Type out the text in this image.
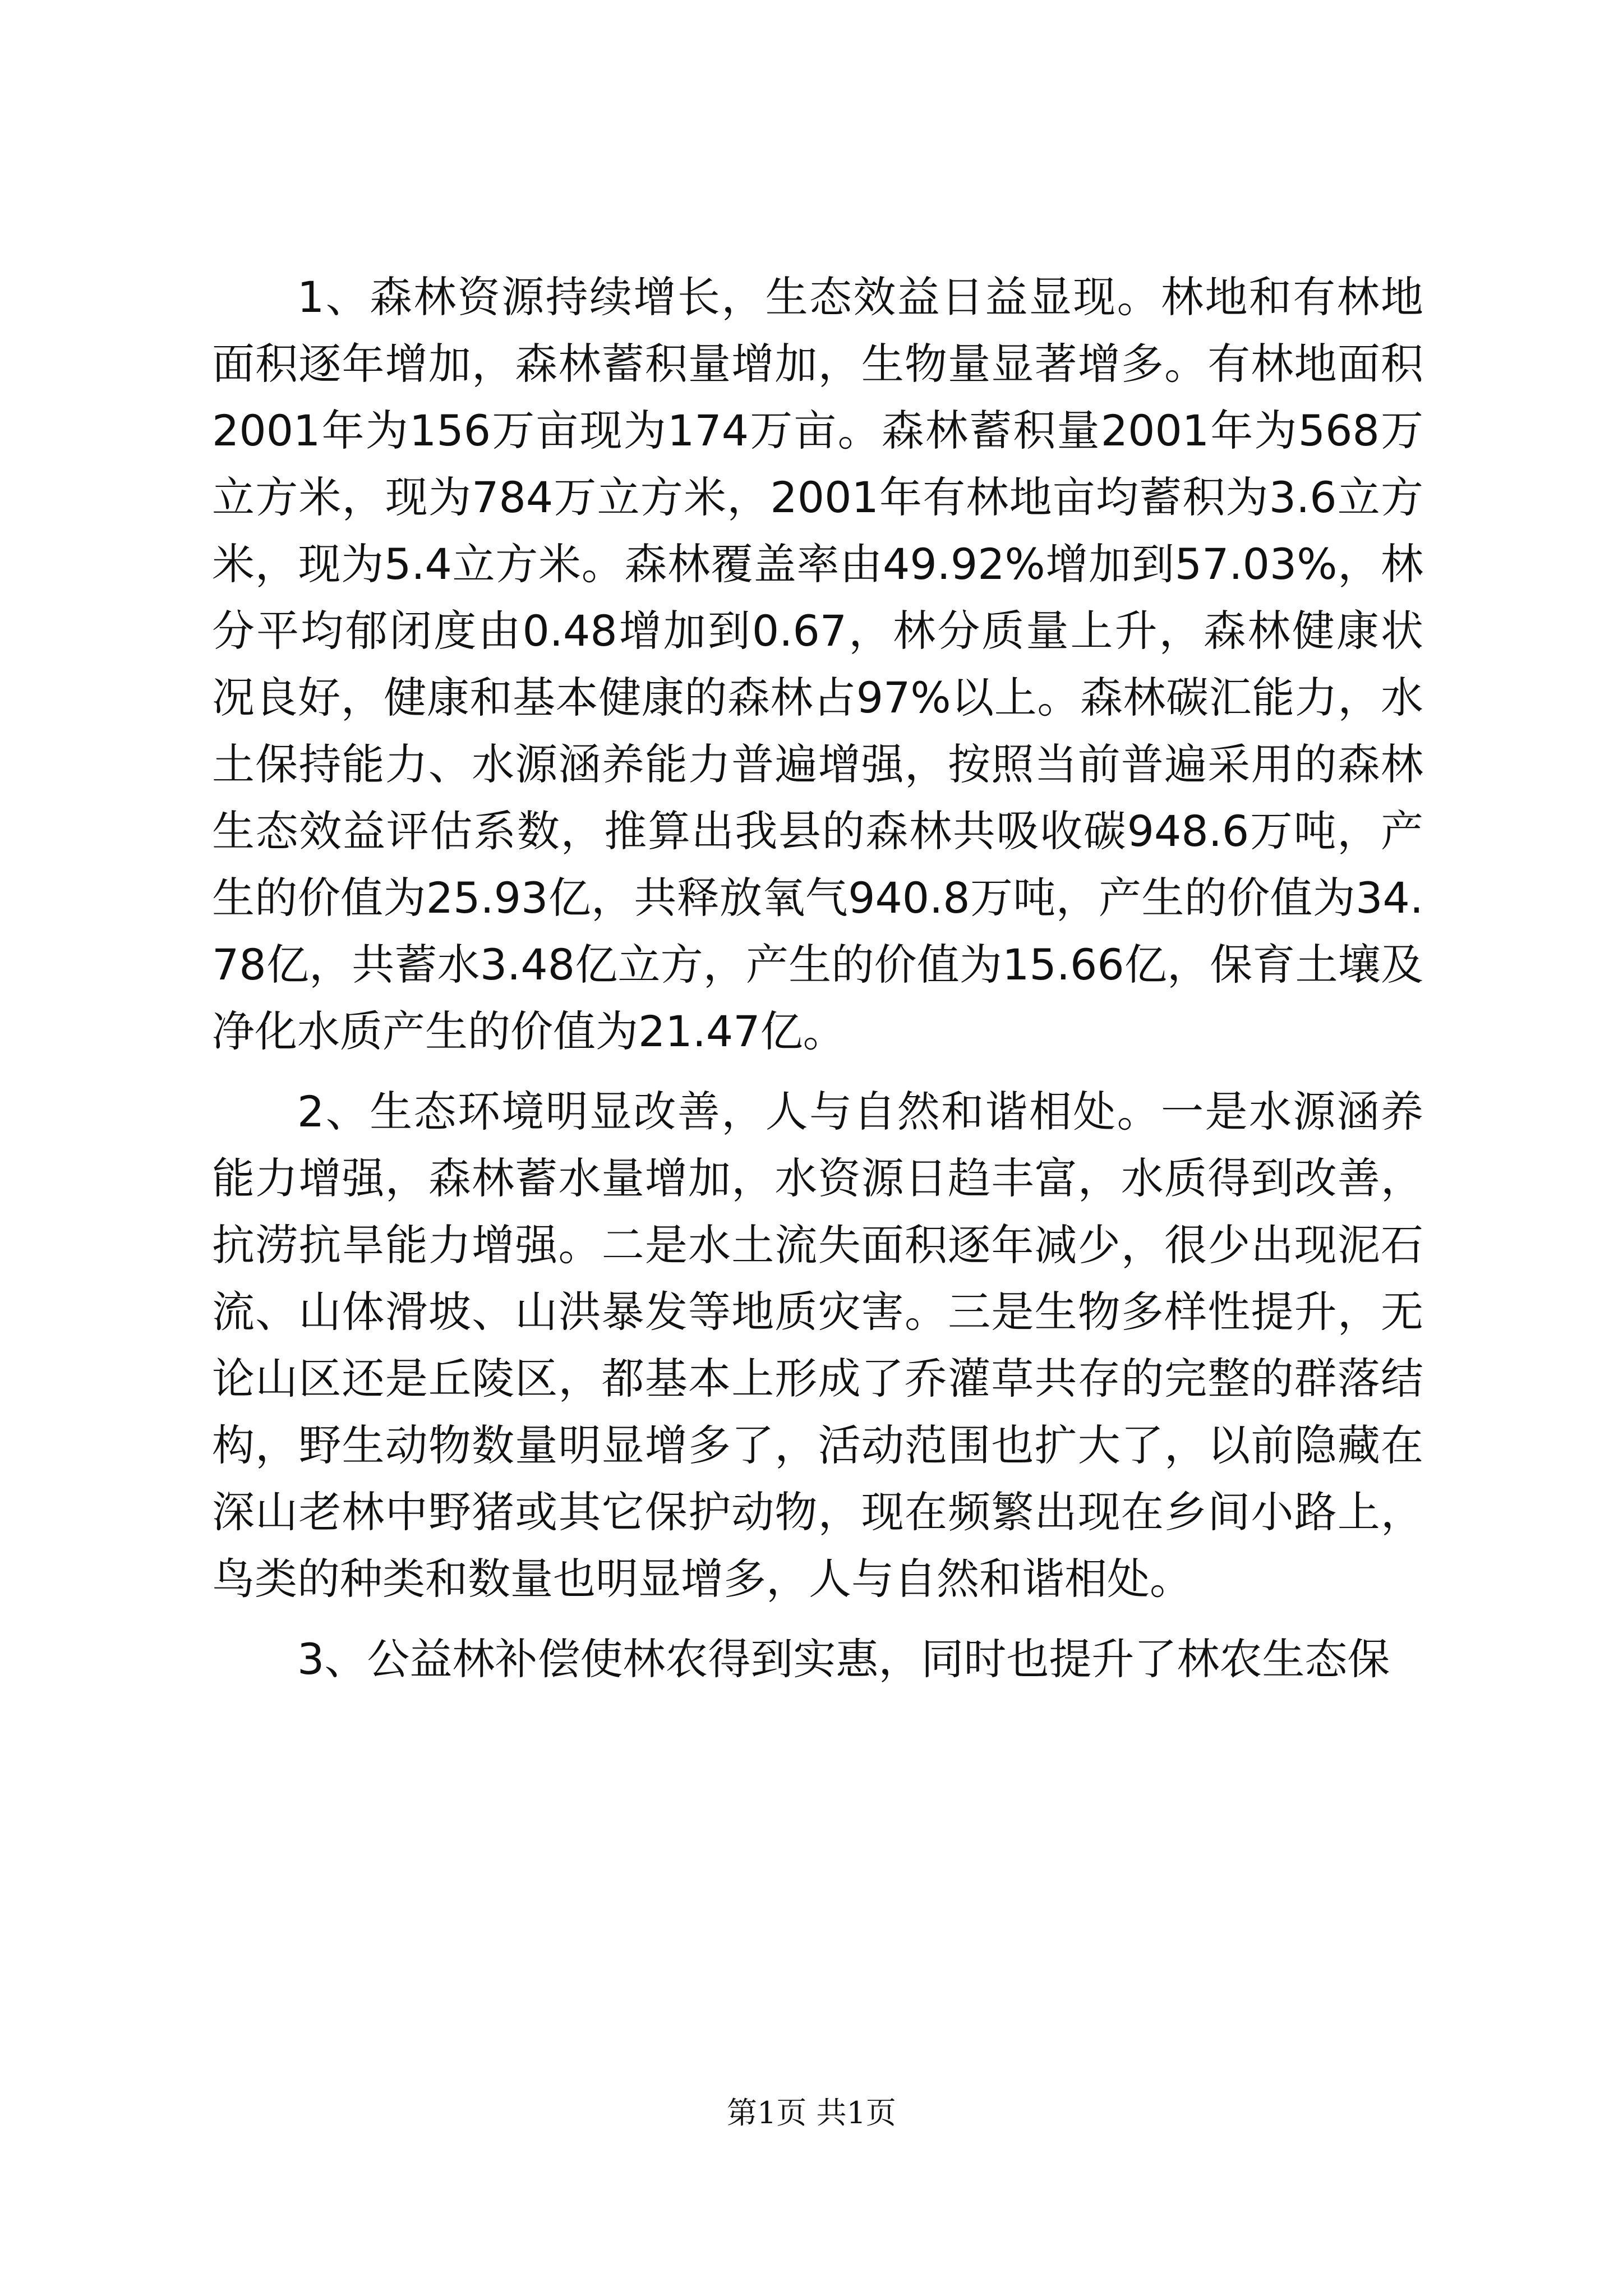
1、森林资源持续增长，生态效益日益显现。林地和有林地面积逐年增加，森林蓄积量增加，生物量显著增多。有林地面积2001年为156万亩现为174万亩。森林蓄积量2001年为568万立方米，现为784万立方米，2001年有林地亩均蓄积为3.6立方米，现为5.4立方米。森林覆盖率由49.92%增加到57.03%，林分平均郁闭度由0.48增加到0.67，林分质量上升，森林健康状况良好，健康和基本健康的森林占97%以上。森林碳汇能力，水土保持能力、水源涵养能力普遍增强，按照当前普遍采用的森林生态效益评估系数，推算出我县的森林共吸收碳948.6万吨，产生的价值为25.93亿，共释放氧气940.8万吨，产生的价值为34.78亿，共蓄水3.48亿立方，产生的价值为15.66亿，保育土壤及净化水质产生的价值为21.47亿。

2、生态环境明显改善，人与自然和谐相处。一是水源涵养能力增强，森林蓄水量增加，水资源日趋丰富，水质得到改善，抗涝抗旱能力增强。二是水土流失面积逐年减少，很少出现泥石流、山体滑坡、山洪暴发等地质灾害。三是生物多样性提升，无论山区还是丘陵区，都基本上形成了乔灌草共存的完整的群落结构，野生动物数量明显增多了，活动范围也扩大了，以前隐藏在深山老林中野猪或其它保护动物，现在频繁出现在乡间小路上，鸟类的种类和数量也明显增多，人与自然和谐相处。

3、公益林补偿使林农得到实惠，同时也提升了林农生态保

第1页 共1页
